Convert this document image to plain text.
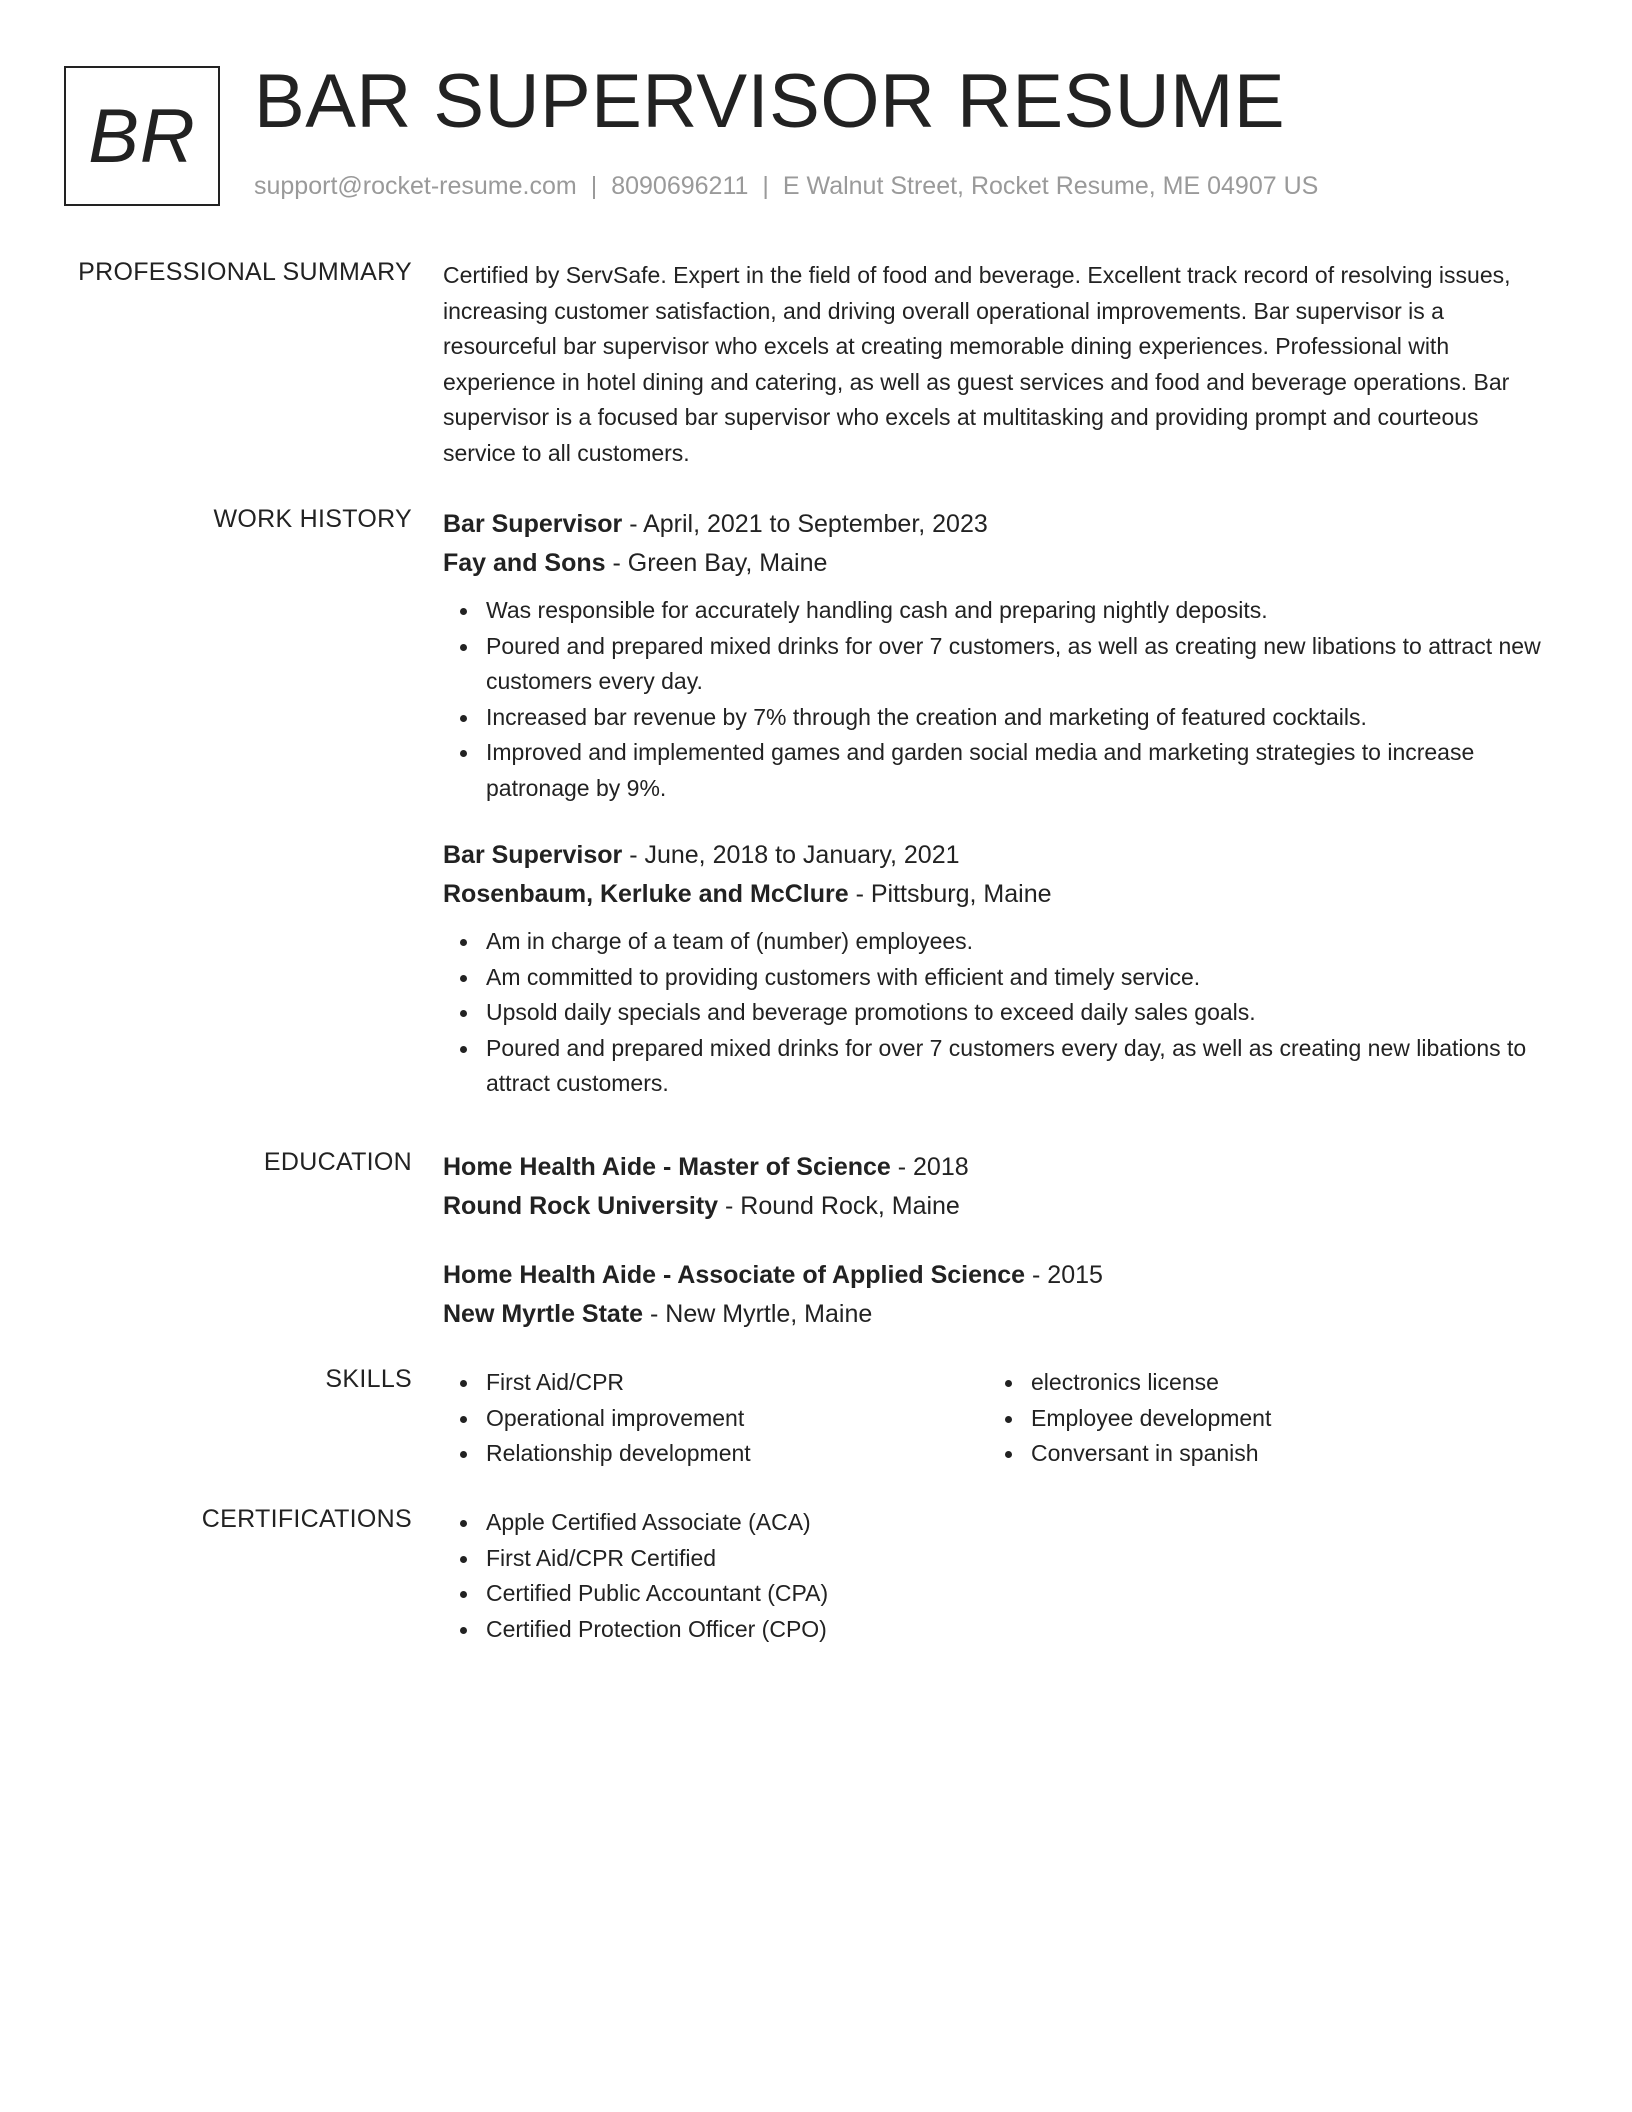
BR BAR SUPERVISOR RESUME
support@rocket-resume.com | 8090696211 | E Walnut Street, Rocket Resume, ME 04907 US
PROFESSIONAL SUMMARY Certified by ServSafe. Expert in the field of food and beverage. Excellent track record of resolving issues, increasing customer satisfaction, and driving overall operational improvements. Bar supervisor is a resourceful bar supervisor who excels at creating memorable dining experiences. Professional with experience in hotel dining and catering, as well as guest services and food and beverage operations. Bar supervisor is a focused bar supervisor who excels at multitasking and providing prompt and courteous service to all customers.

WORK HISTORY Bar Supervisor - April, 2021 to September, 2023
Fay and Sons - Green Bay, Maine
Was responsible for accurately handling cash and preparing nightly deposits.
Poured and prepared mixed drinks for over 7 customers, as well as creating new libations to attract new customers every day.
Increased bar revenue by 7% through the creation and marketing of featured cocktails.
Improved and implemented games and garden social media and marketing strategies to increase patronage by 9%.
Bar Supervisor - June, 2018 to January, 2021
Rosenbaum, Kerluke and McClure - Pittsburg, Maine
Am in charge of a team of (number) employees.
Am committed to providing customers with efficient and timely service.
Upsold daily specials and beverage promotions to exceed daily sales goals.
Poured and prepared mixed drinks for over 7 customers every day, as well as creating new libations to attract customers.
EDUCATION Home Health Aide - Master of Science - 2018
Round Rock University - Round Rock, Maine
Home Health Aide - Associate of Applied Science - 2015
New Myrtle State - New Myrtle, Maine
SKILLS	First Aid/CPR
Operational improvement
Relationship development
electronics license
Employee development
Conversant in spanish
CERTIFICATIONS	Apple Certified Associate (ACA)
First Aid/CPR Certified
Certified Public Accountant (CPA)
Certified Protection Officer (CPO)
